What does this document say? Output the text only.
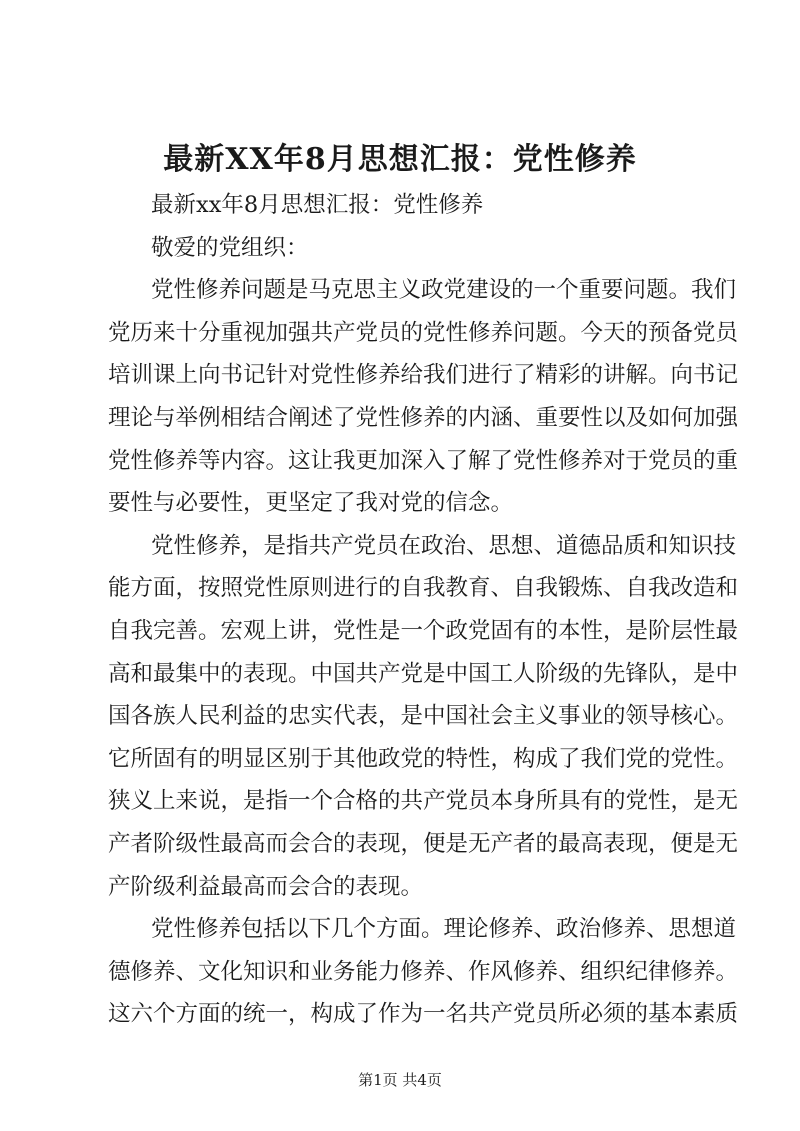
最新XX年8月思想汇报：党性修养
最新xx年8月思想汇报：党性修养
敬爱的党组织：
党性修养问题是马克思主义政党建设的一个重要问题。我们
党历来十分重视加强共产党员的党性修养问题。今天的预备党员
培训课上向书记针对党性修养给我们进行了精彩的讲解。向书记
理论与举例相结合阐述了党性修养的内涵、重要性以及如何加强
党性修养等内容。这让我更加深入了解了党性修养对于党员的重
要性与必要性，更坚定了我对党的信念。
党性修养，是指共产党员在政治、思想、道德品质和知识技
能方面，按照党性原则进行的自我教育、自我锻炼、自我改造和
自我完善。宏观上讲，党性是一个政党固有的本性，是阶层性最
高和最集中的表现。中国共产党是中国工人阶级的先锋队，是中
国各族人民利益的忠实代表，是中国社会主义事业的领导核心。
它所固有的明显区别于其他政党的特性，构成了我们党的党性。
狭义上来说，是指一个合格的共产党员本身所具有的党性，是无
产者阶级性最高而会合的表现，便是无产者的最高表现，便是无
产阶级利益最高而会合的表现。
党性修养包括以下几个方面。理论修养、政治修养、思想道
德修养、文化知识和业务能力修养、作风修养、组织纪律修养。
这六个方面的统一，构成了作为一名共产党员所必须的基本素质
第1页 共4页
